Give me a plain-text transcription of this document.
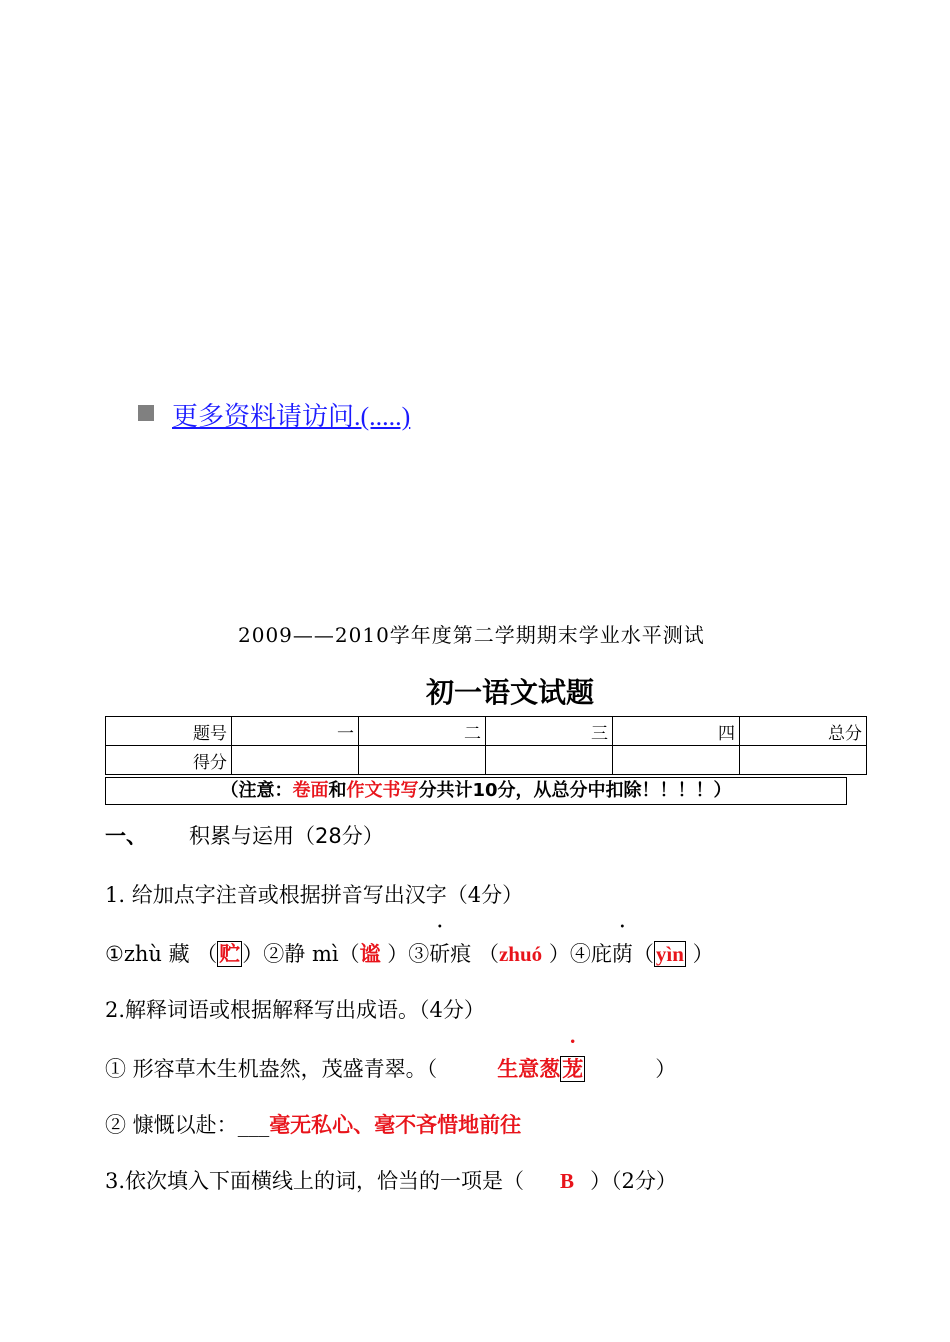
更多资料请访问.(.....)
2009——2010学年度第二学期期末学业水平测试
初一语文试题
题号	一	二	三	四	总分
得分					
（注意：卷面和作文书写分共计10分，从总分中扣除！！！！）
一、 积累与运用（28分）
1. 给加点字注音或根据拼音写出汉字（4分）
①zhù 藏 （贮）②静 mì（谧 ）③斫痕 （zhuó ）④庇荫（yìn ）
2.解释词语或根据解释写出成语。（4分）
① 形容草木生机盎然，茂盛青翠。（	生意葱茏	）
② 慷慨以赴：___毫无私心、毫不吝惜地前往
3.依次填入下面横线上的词，恰当的一项是（ B ）（2分）
